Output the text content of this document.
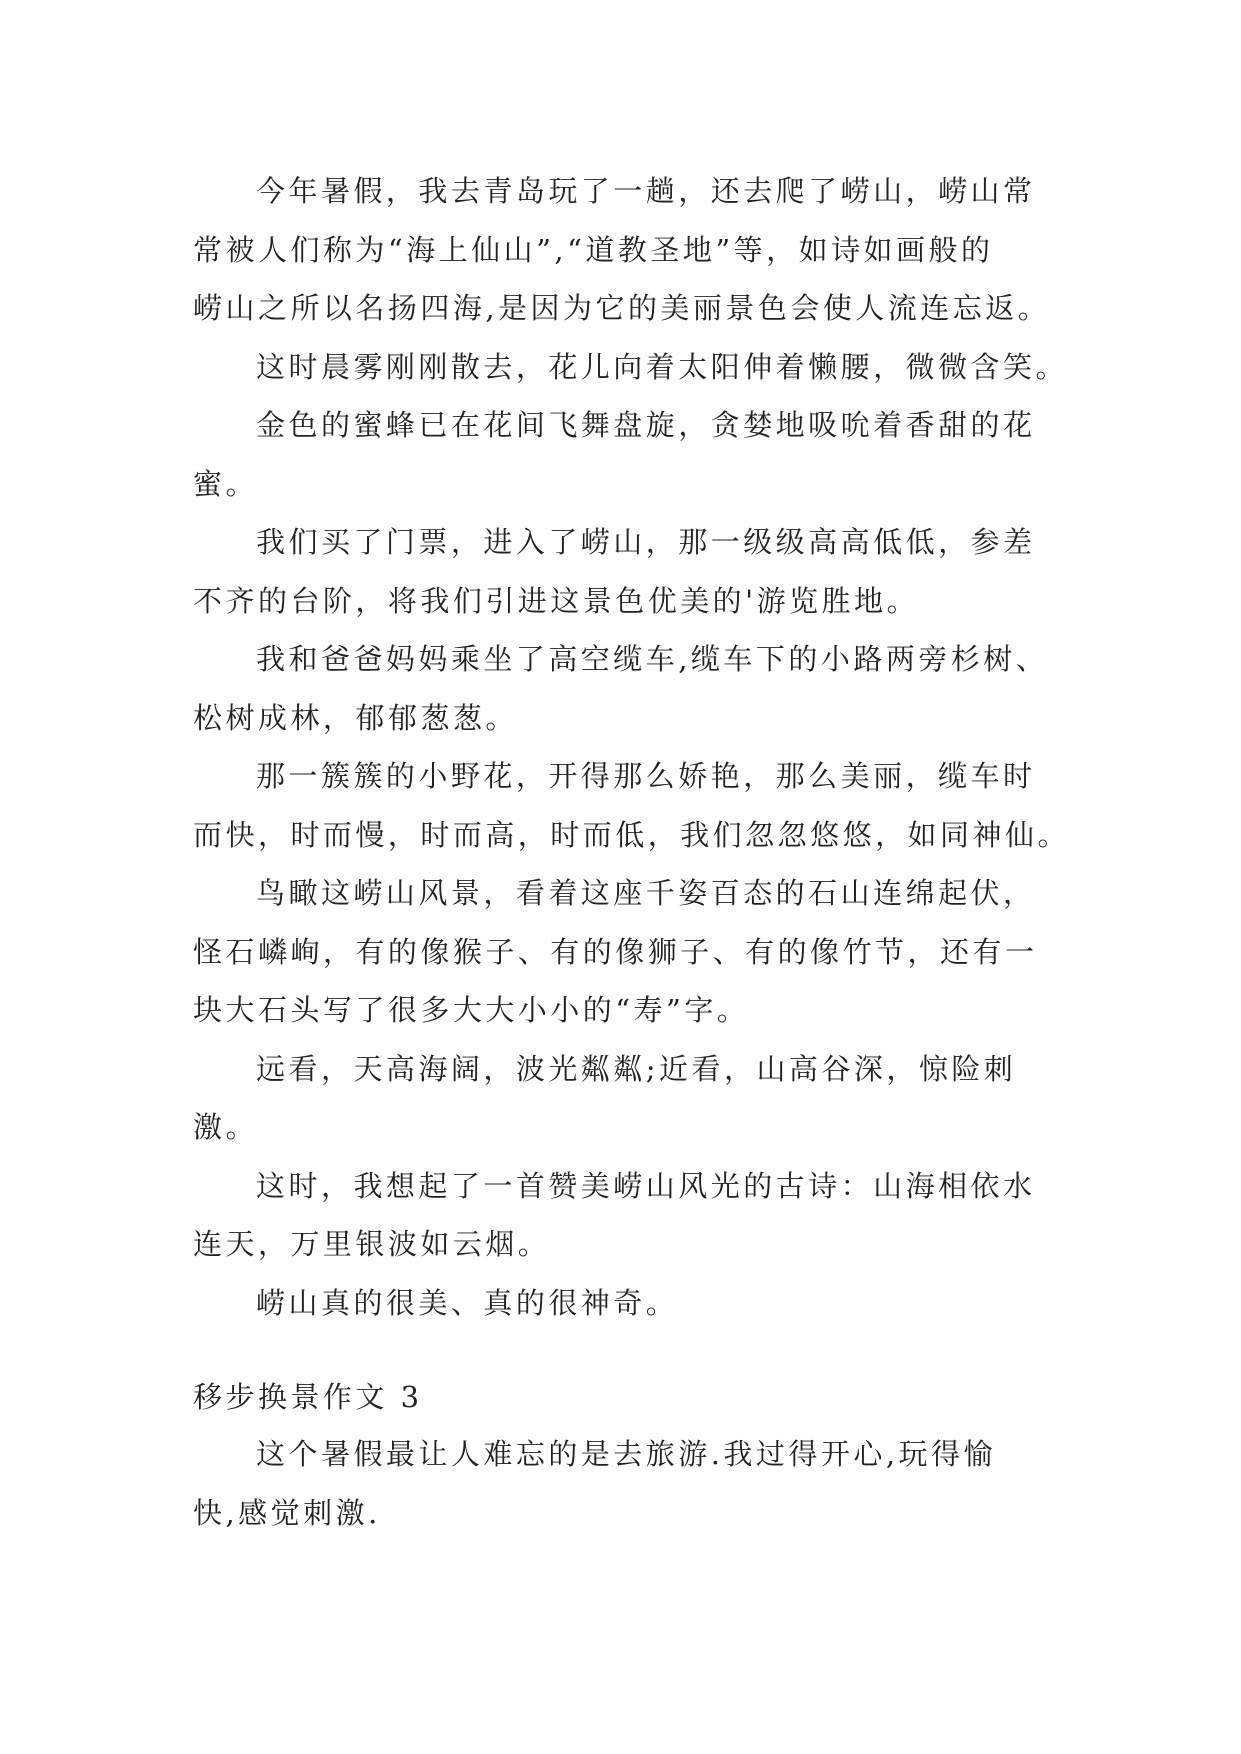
今年暑假，我去青岛玩了一趟，还去爬了崂山，崂山常
常被人们称为“海上仙山”,“道教圣地”等，如诗如画般的
崂山之所以名扬四海,是因为它的美丽景色会使人流连忘返。
这时晨雾刚刚散去，花儿向着太阳伸着懒腰，微微含笑。
金色的蜜蜂已在花间飞舞盘旋，贪婪地吸吮着香甜的花
蜜。
我们买了门票，进入了崂山，那一级级高高低低，参差
不齐的台阶，将我们引进这景色优美的'游览胜地。
我和爸爸妈妈乘坐了高空缆车,缆车下的小路两旁杉树、
松树成林，郁郁葱葱。
那一簇簇的小野花，开得那么娇艳，那么美丽，缆车时
而快，时而慢，时而高，时而低，我们忽忽悠悠，如同神仙。
鸟瞰这崂山风景，看着这座千姿百态的石山连绵起伏，
怪石嶙峋，有的像猴子、有的像狮子、有的像竹节，还有一
块大石头写了很多大大小小的“寿”字。
远看，天高海阔，波光粼粼;近看，山高谷深，惊险刺
激。
这时，我想起了一首赞美崂山风光的古诗：山海相依水
连天，万里银波如云烟。
崂山真的很美、真的很神奇。
移步换景作文 3
这个暑假最让人难忘的是去旅游.我过得开心,玩得愉
快,感觉刺激.
